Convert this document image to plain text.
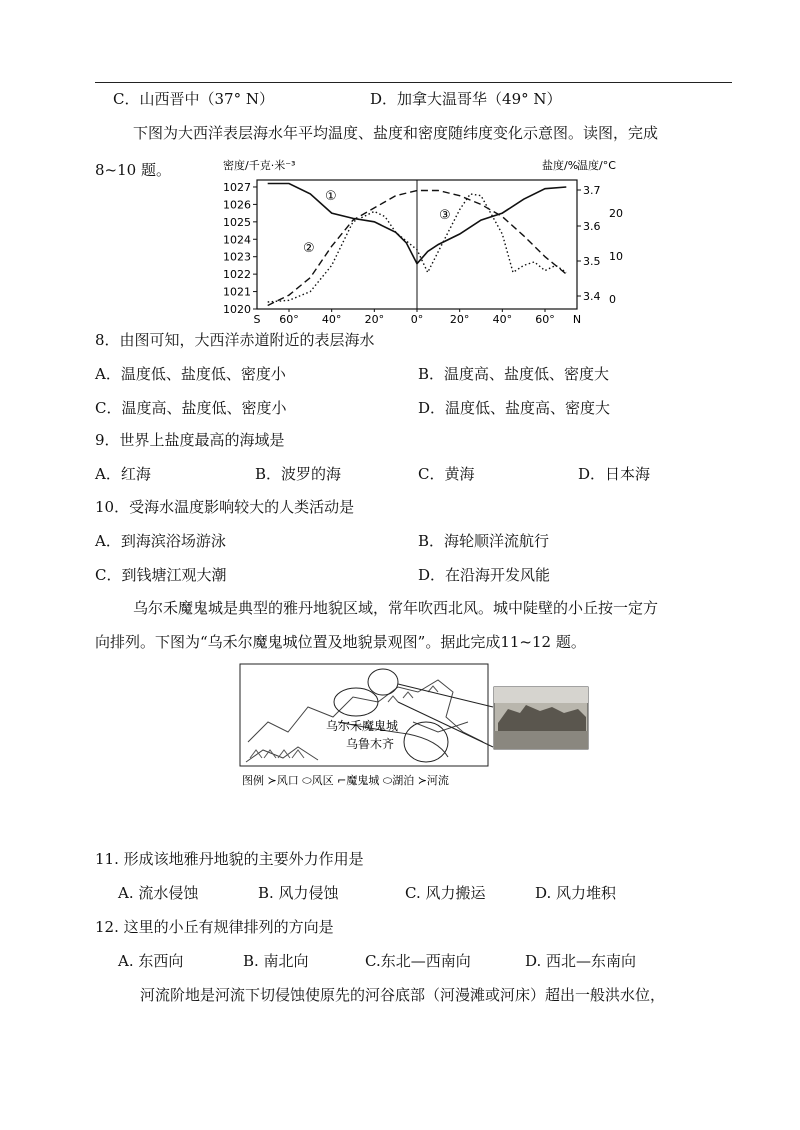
C．山西晋中（37° N）	D．加拿大温哥华（49° N）
下图为大西洋表层海水年平均温度、盐度和密度随纬度变化示意图。读图，完成
8~10 题。	密度/千克·米⁻³	盐度/%
温度/°C
1027
1026
1025
1024
1023
1022
1021
1020
3.7
3.6
3.5
3.4
20
10
0
S 60° 40° 20° 0° 20° 40° 60° N
①
②
③
8．由图可知，大西洋赤道附近的表层海水
A．温度低、盐度低、密度小	B．温度高、盐度低、密度大
C．温度高、盐度低、密度小	D．温度低、盐度高、密度大
9．世界上盐度最高的海域是
A．红海	B．波罗的海	C．黄海	D．日本海
10．受海水温度影响较大的人类活动是
A．到海滨浴场游泳	B．海轮顺洋流航行
C．到钱塘江观大潮	D．在沿海开发风能
乌尔禾魔鬼城是典型的雅丹地貌区域，常年吹西北风。城中陡壁的小丘按一定方
向排列。下图为“乌禾尔魔鬼城位置及地貌景观图”。据此完成11~12 题。
乌尔禾魔鬼城
乌鲁木齐
图例 ≻风口 ⬭风区 ⌐魔鬼城 ⬭湖泊 ≻河流
11. 形成该地雅丹地貌的主要外力作用是
A. 流水侵蚀	B. 风力侵蚀	C. 风力搬运	D. 风力堆积
12. 这里的小丘有规律排列的方向是
A. 东西向	B. 南北向	C.东北—西南向	D. 西北—东南向
河流阶地是河流下切侵蚀使原先的河谷底部（河漫滩或河床）超出一般洪水位，
